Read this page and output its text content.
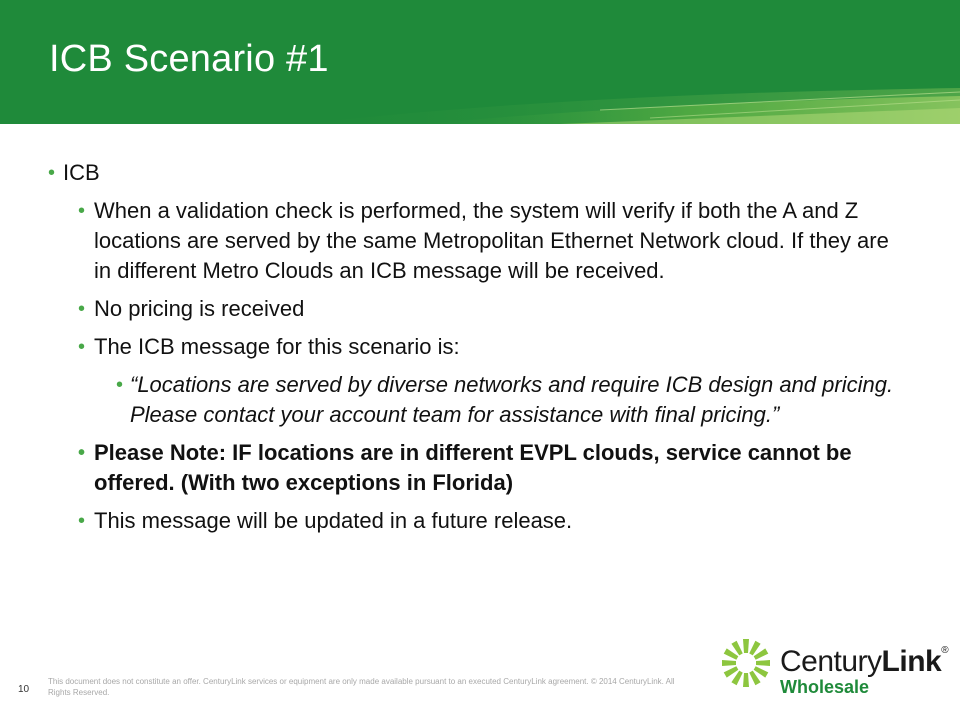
ICB Scenario #1

• ICB

• When a validation check is performed, the system will verify if both the A and Z locations are served by the same Metropolitan Ethernet Network cloud. If they are in different Metro Clouds an ICB message will be received.

• No pricing is received

• The ICB message for this scenario is:

• “Locations are served by diverse networks and require ICB design and pricing. Please contact your account team for assistance with final pricing.”

• Please Note: IF locations are in different EVPL clouds, service cannot be offered. (With two exceptions in Florida)

• This message will be updated in a future release.

10
This document does not constitute an offer. CenturyLink services or equipment are only made available pursuant to an executed CenturyLink agreement. © 2014 CenturyLink. All Rights Reserved.
CenturyLink®
Wholesale
